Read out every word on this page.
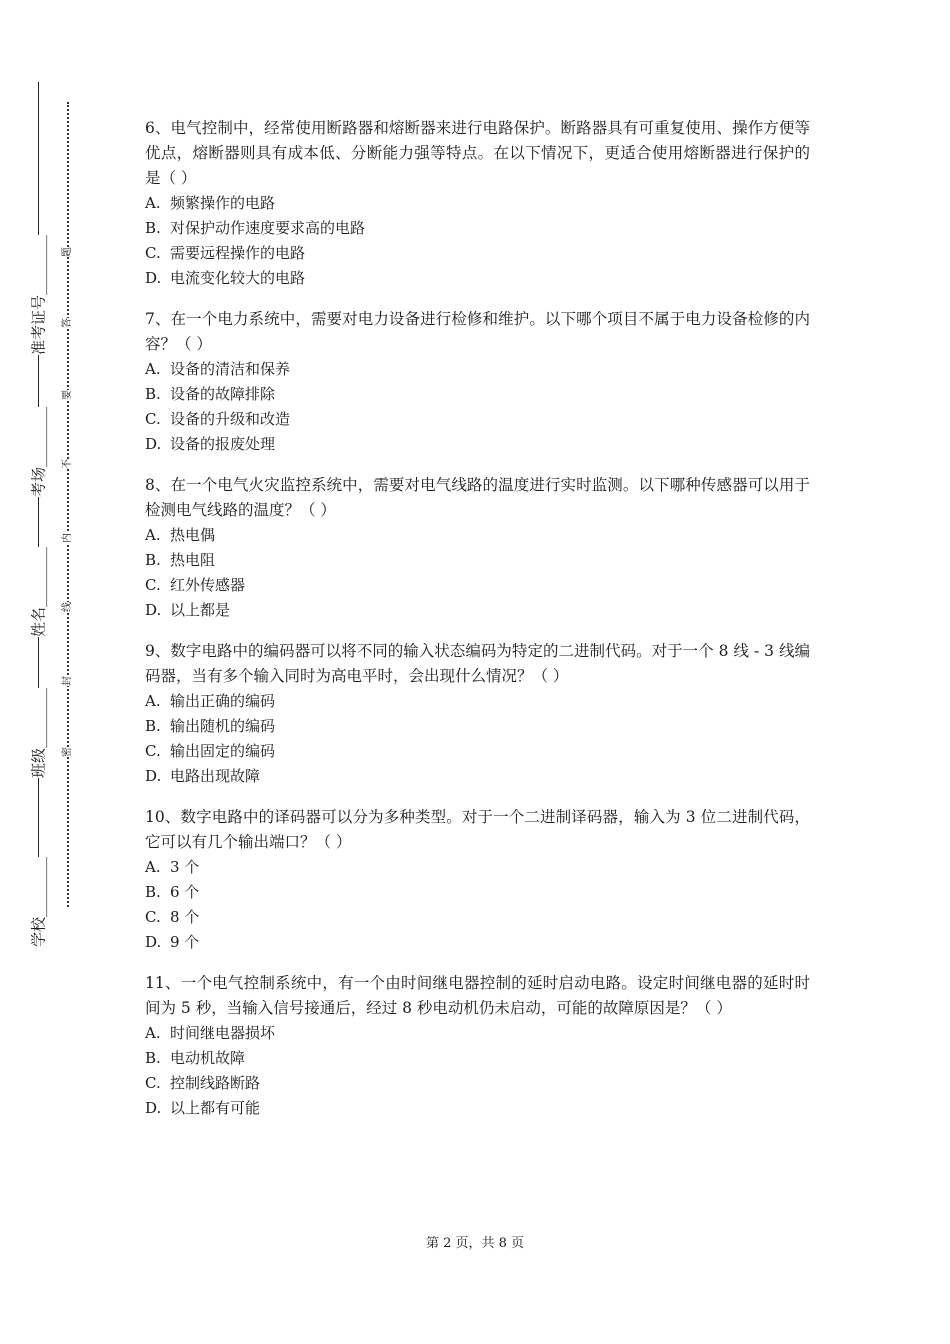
准考证号________
考场________
姓名________
班级________
学校________
题
答
要
不
内
线
封
密

6、电气控制中，经常使用断路器和熔断器来进行电路保护。断路器具有可重复使用、操作方便等优点，熔断器则具有成本低、分断能力强等特点。在以下情况下，更适合使用熔断器进行保护的是（ ）

A. 频繁操作的电路
B. 对保护动作速度要求高的电路
C. 需要远程操作的电路
D. 电流变化较大的电路

7、在一个电力系统中，需要对电力设备进行检修和维护。以下哪个项目不属于电力设备检修的内容？（ ）

A. 设备的清洁和保养
B. 设备的故障排除
C. 设备的升级和改造
D. 设备的报废处理

8、在一个电气火灾监控系统中，需要对电气线路的温度进行实时监测。以下哪种传感器可以用于检测电气线路的温度？（ ）

A. 热电偶
B. 热电阻
C. 红外传感器
D. 以上都是

9、数字电路中的编码器可以将不同的输入状态编码为特定的二进制代码。对于一个 8 线 - 3 线编码器，当有多个输入同时为高电平时，会出现什么情况？（ ）

A. 输出正确的编码
B. 输出随机的编码
C. 输出固定的编码
D. 电路出现故障

10、数字电路中的译码器可以分为多种类型。对于一个二进制译码器，输入为 3 位二进制代码，它可以有几个输出端口？（ ）

A. 3 个
B. 6 个
C. 8 个
D. 9 个

11、一个电气控制系统中，有一个由时间继电器控制的延时启动电路。设定时间继电器的延时时间为 5 秒，当输入信号接通后，经过 8 秒电动机仍未启动，可能的故障原因是？（ ）

A. 时间继电器损坏
B. 电动机故障
C. 控制线路断路
D. 以上都有可能
第 2 页，共 8 页
